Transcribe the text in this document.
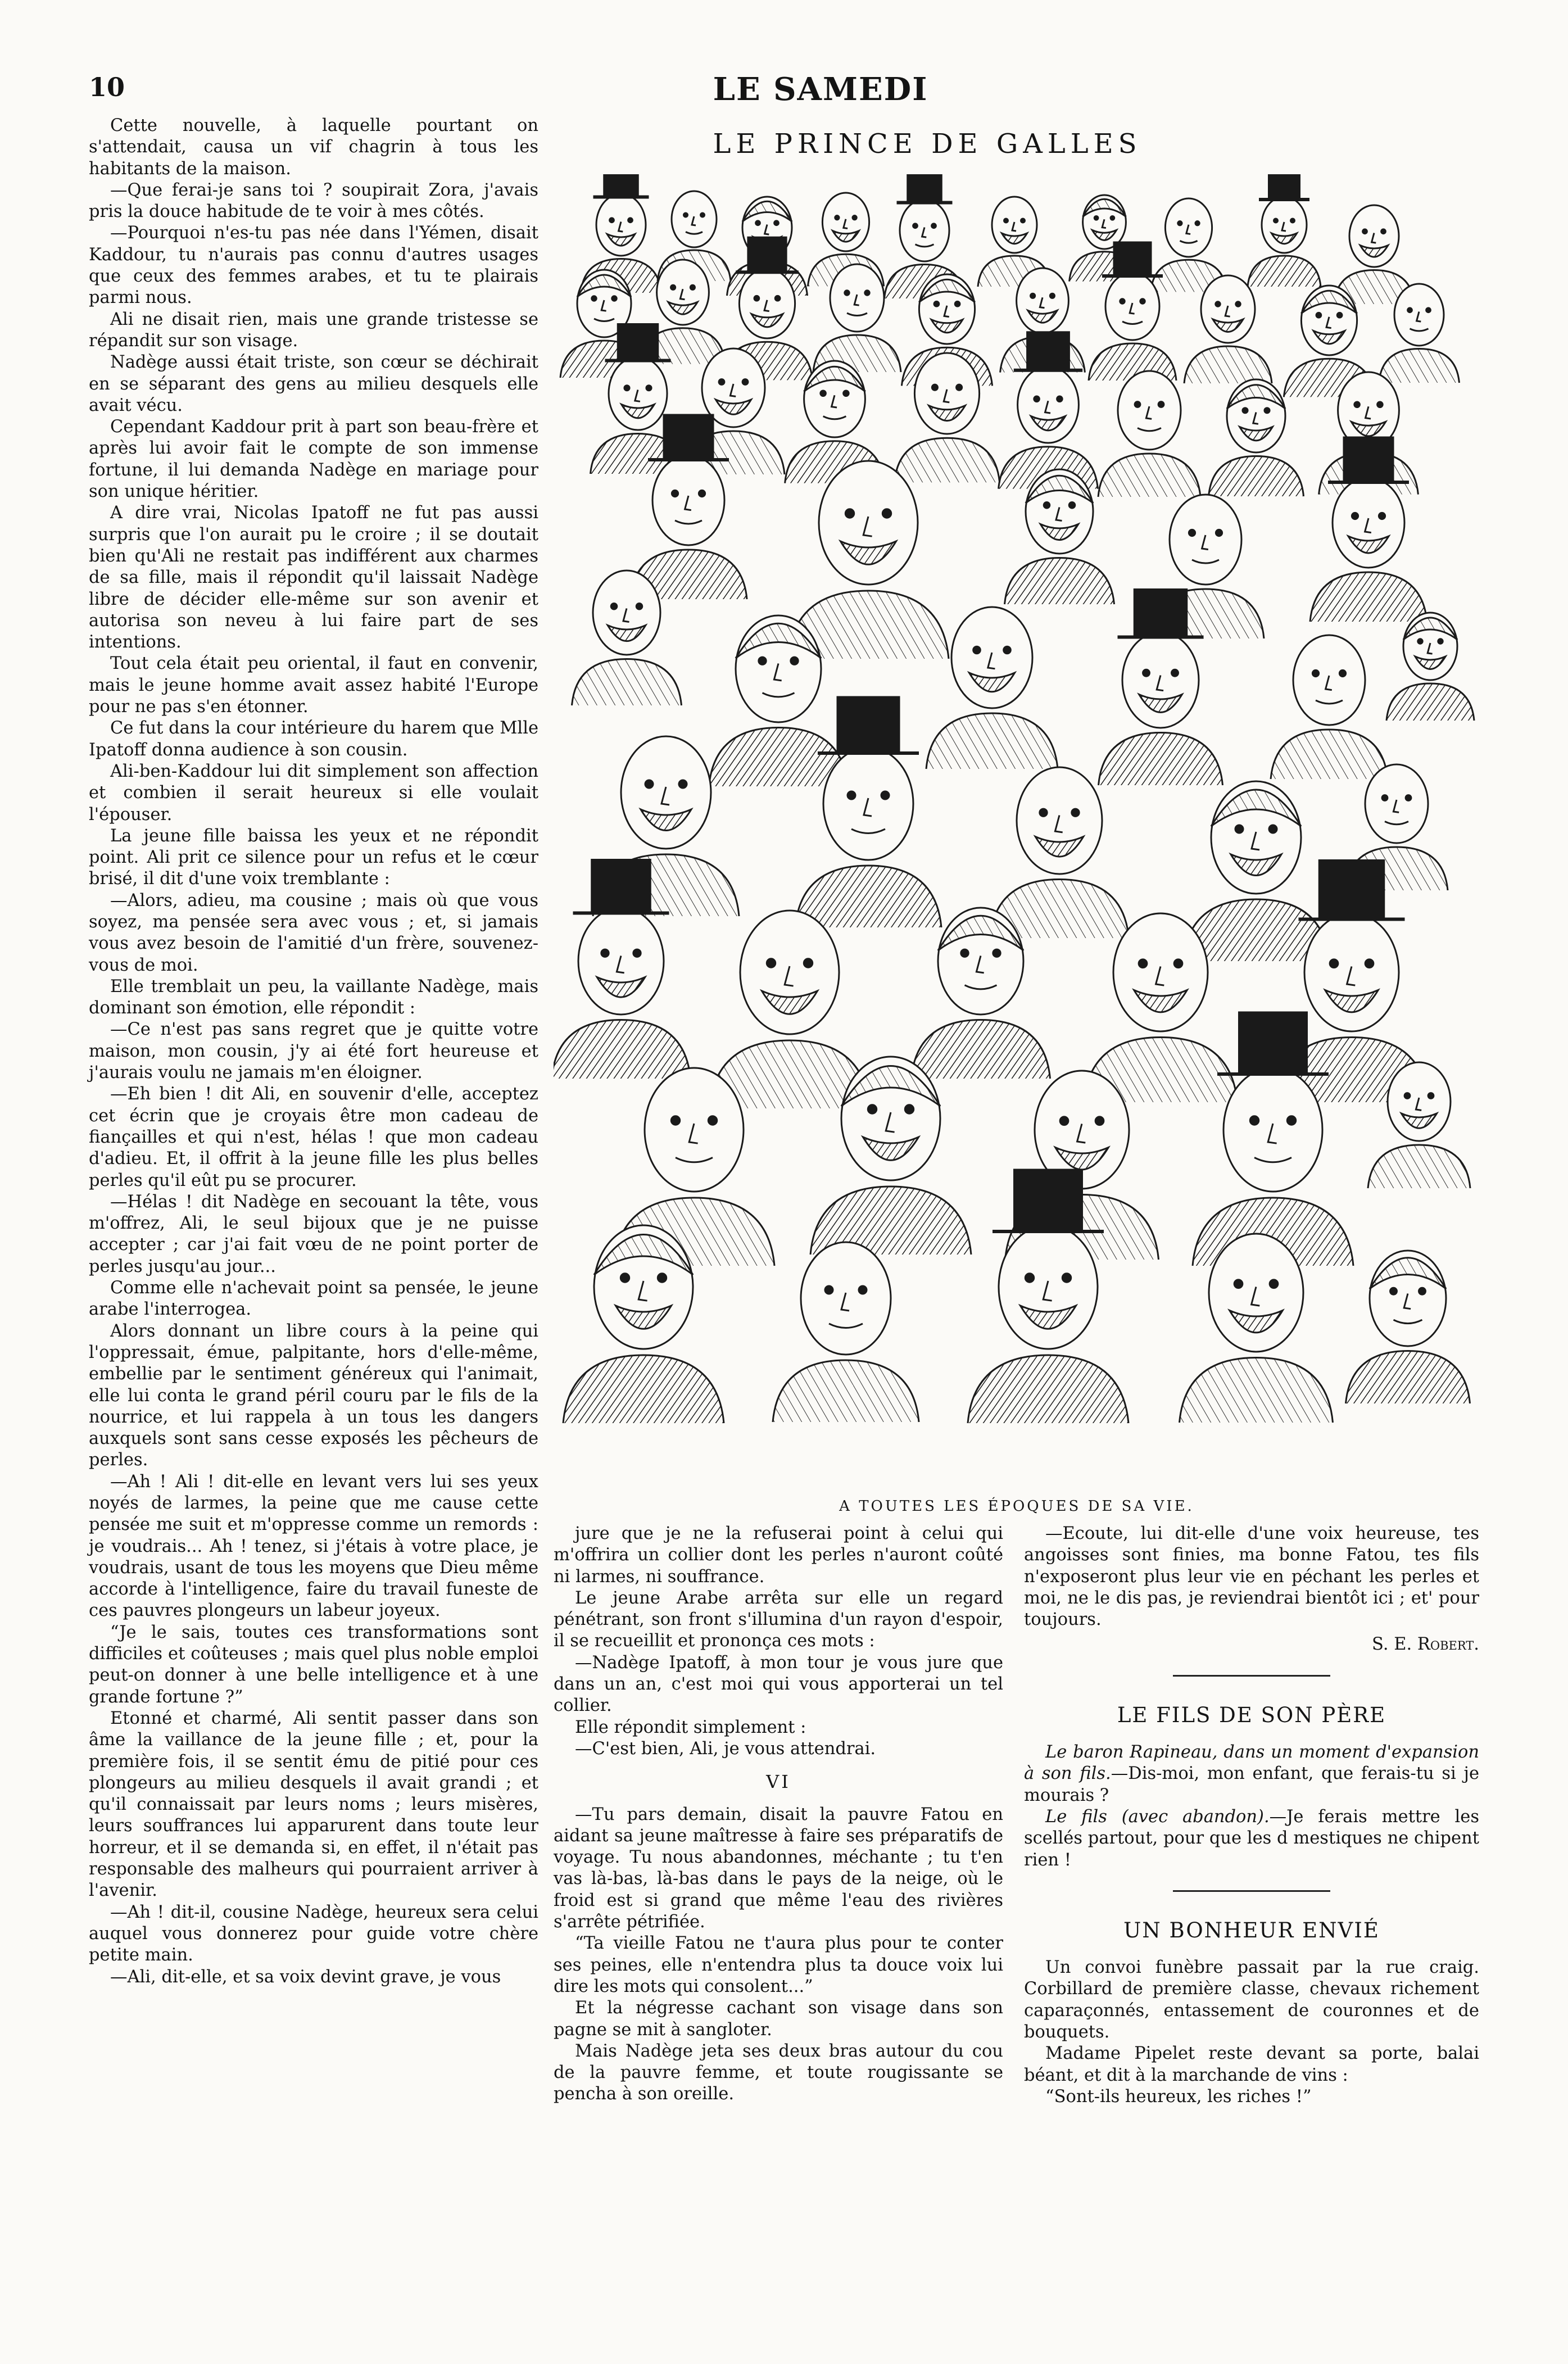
10	LE SAMEDI

Cette nouvelle, à laquelle pourtant on s'attendait, causa un vif chagrin à tous les habitants de la maison.

—Que ferai-je sans toi ? soupirait Zora, j'avais pris la douce habitude de te voir à mes côtés.

—Pourquoi n'es-tu pas née dans l'Yémen, disait Kaddour, tu n'aurais pas connu d'autres usages que ceux des femmes arabes, et tu te plairais parmi nous.

Ali ne disait rien, mais une grande tristesse se répandit sur son visage.

Nadège aussi était triste, son cœur se déchirait en se séparant des gens au milieu desquels elle avait vécu.

Cependant Kaddour prit à part son beau-frère et après lui avoir fait le compte de son immense fortune, il lui demanda Nadège en mariage pour son unique héritier.

A dire vrai, Nicolas Ipatoff ne fut pas aussi surpris que l'on aurait pu le croire ; il se doutait bien qu'Ali ne restait pas indifférent aux charmes de sa fille, mais il répondit qu'il laissait Nadège libre de décider elle-même sur son avenir et autorisa son neveu à lui faire part de ses intentions.

Tout cela était peu oriental, il faut en convenir, mais le jeune homme avait assez habité l'Europe pour ne pas s'en étonner.

Ce fut dans la cour intérieure du harem que Mlle Ipatoff donna audience à son cousin.

Ali-ben-Kaddour lui dit simplement son affection et combien il serait heureux si elle voulait l'épouser.

La jeune fille baissa les yeux et ne répondit point. Ali prit ce silence pour un refus et le cœur brisé, il dit d'une voix tremblante :

—Alors, adieu, ma cousine ; mais où que vous soyez, ma pensée sera avec vous ; et, si jamais vous avez besoin de l'amitié d'un frère, souvenez-vous de moi.

Elle tremblait un peu, la vaillante Nadège, mais dominant son émotion, elle répondit :

—Ce n'est pas sans regret que je quitte votre maison, mon cousin, j'y ai été fort heureuse et j'aurais voulu ne jamais m'en éloigner.

—Eh bien ! dit Ali, en souvenir d'elle, acceptez cet écrin que je croyais être mon cadeau de fiançailles et qui n'est, hélas ! que mon cadeau d'adieu. Et, il offrit à la jeune fille les plus belles perles qu'il eût pu se procurer.

—Hélas ! dit Nadège en secouant la tête, vous m'offrez, Ali, le seul bijoux que je ne puisse accepter ; car j'ai fait vœu de ne point porter de perles jusqu'au jour...

Comme elle n'achevait point sa pensée, le jeune arabe l'interrogea.

Alors donnant un libre cours à la peine qui l'oppressait, émue, palpitante, hors d'elle-même, embellie par le sentiment généreux qui l'animait, elle lui conta le grand péril couru par le fils de la nourrice, et lui rappela à un tous les dangers auxquels sont sans cesse exposés les pêcheurs de perles.

—Ah ! Ali ! dit-elle en levant vers lui ses yeux noyés de larmes, la peine que me cause cette pensée me suit et m'oppresse comme un remords : je voudrais... Ah ! tenez, si j'étais à votre place, je voudrais, usant de tous les moyens que Dieu même accorde à l'intelligence, faire du travail funeste de ces pauvres plongeurs un labeur joyeux.

“Je le sais, toutes ces transformations sont difficiles et coûteuses ; mais quel plus noble emploi peut-on donner à une belle intelligence et à une grande fortune ?”

Etonné et charmé, Ali sentit passer dans son âme la vaillance de la jeune fille ; et, pour la première fois, il se sentit ému de pitié pour ces plongeurs au milieu desquels il avait grandi ; et qu'il connaissait par leurs noms ; leurs misères, leurs souffrances lui apparurent dans toute leur horreur, et il se demanda si, en effet, il n'était pas responsable des malheurs qui pourraient arriver à l'avenir.

—Ah ! dit-il, cousine Nadège, heureux sera celui auquel vous donnerez pour guide votre chère petite main.

—Ali, dit-elle, et sa voix devint grave, je vous

LE PRINCE DE GALLES
A TOUTES LES ÉPOQUES DE SA VIE.

jure que je ne la refuserai point à celui qui m'offrira un collier dont les perles n'auront coûté ni larmes, ni souffrance.

Le jeune Arabe arrêta sur elle un regard pénétrant, son front s'illumina d'un rayon d'espoir, il se recueillit et prononça ces mots :

—Nadège Ipatoff, à mon tour je vous jure que dans un an, c'est moi qui vous apporterai un tel collier.

Elle répondit simplement :

—C'est bien, Ali, je vous attendrai.

VI

—Tu pars demain, disait la pauvre Fatou en aidant sa jeune maîtresse à faire ses préparatifs de voyage. Tu nous abandonnes, méchante ; tu t'en vas là-bas, là-bas dans le pays de la neige, où le froid est si grand que même l'eau des rivières s'arrête pétrifiée.

“Ta vieille Fatou ne t'aura plus pour te conter ses peines, elle n'entendra plus ta douce voix lui dire les mots qui consolent...”

Et la négresse cachant son visage dans son pagne se mit à sangloter.

Mais Nadège jeta ses deux bras autour du cou de la pauvre femme, et toute rougissante se pencha à son oreille.

—Ecoute, lui dit-elle d'une voix heureuse, tes angoisses sont finies, ma bonne Fatou, tes fils n'exposeront plus leur vie en péchant les perles et moi, ne le dis pas, je reviendrai bientôt ici ; et' pour toujours.

S. E. Robert.

LE FILS DE SON PÈRE

Le baron Rapineau, dans un moment d'expansion à son fils.—Dis-moi, mon enfant, que ferais-tu si je mourais ?

Le fils (avec abandon).—Je ferais mettre les scellés partout, pour que les d mestiques ne chipent rien !

UN BONHEUR ENVIÉ

Un convoi funèbre passait par la rue craig. Corbillard de première classe, chevaux richement caparaçonnés, entassement de couronnes et de bouquets.

Madame Pipelet reste devant sa porte, balai béant, et dit à la marchande de vins :

“Sont-ils heureux, les riches !”
